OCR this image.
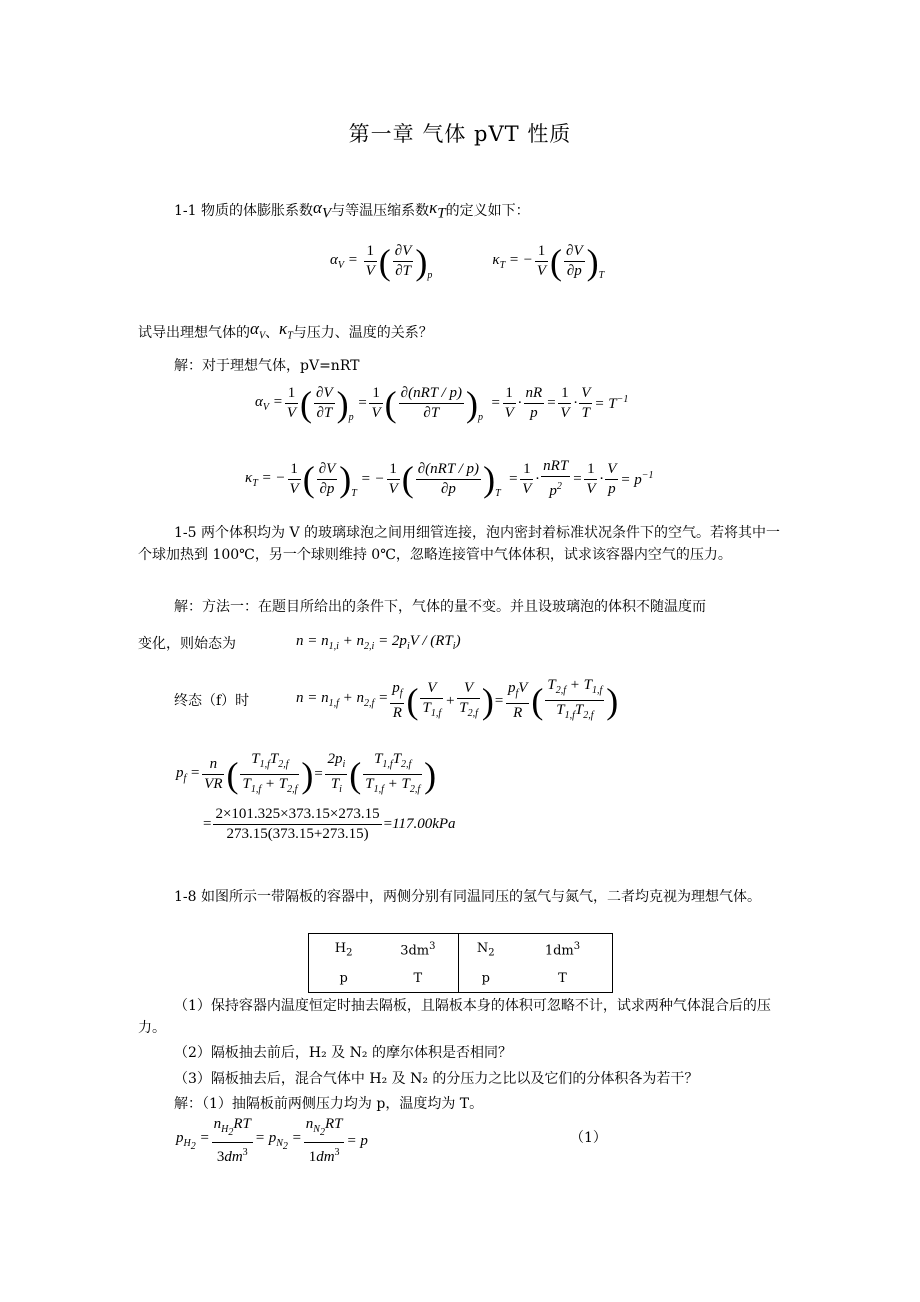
第一章 气体 pVT 性质
1-1 物质的体膨胀系数 $\alpha_V$ 与等温压缩系数 $\kappa_T$ 的定义如下：
$\alpha_V = \frac{1}{V}$ ( ∂V
∂T )$_p$
$\kappa_T$ = − $\frac{1}{V}$ ( ∂V
∂p )$_T$
试导出理想气体的 $\alpha_V$ 、 $\kappa_T$ 与压力、温度的关系？
解：对于理想气体，pV=nRT
$\alpha_V = \frac{1}{V}$ ( ∂V
∂T )$_p$
= $\frac{1}{V}$ ( ∂(nRT / p)
∂T )$_p$
= $\frac{1}{V} \cdot \frac{nR}{p} = \frac{1}{V} \cdot \frac{V}{T} = T^{-1}$
$\kappa_T$ = − $\frac{1}{V}$ ( ∂V
∂p )$_T$
= − $\frac{1}{V}$ ( ∂(nRT / p)
∂p )$_T$
= $\frac{1}{V}$ ·
nRT
$p^2 = \frac{1}{V} \cdot \frac{V}{p} = p^{-1}$
1-5 两个体积均为 V 的玻璃球泡之间用细管连接，泡内密封着标准状况条件下的空气。若将其中一个球加热到 100℃，另一个球则维持 0℃，忽略连接管中气体体积，试求该容器内空气的压力。
解：方法一：在题目所给出的条件下，气体的量不变。并且设玻璃泡的体积不随温度而
变化，则始态为	$n = n_{1,i} + n_{2,i} = 2p_iV / (RT_i)$
终态（f）时	$n = n_{1,f} + n_{2,f} = \frac{p_f}{R}$ ( V
$T_{1,f}$
+ $\frac{V}{T_{2,f}}$ ) =
$p_fV$
R ( $T_{2,f} + T_{1,f}$
$T_{1,f}T_{2,f}$ )
$p_f = \frac{n}{VR}$ ( $T_{1,f}T_{2,f}$
$T_{1,f} + T_{2,f}$ ) = $\frac{2p_i}{T_i}$ ( $T_{1,f}T_{2,f}$
$T_{1,f} + T_{2,f}$ )
= $\frac{2\times 101.325\times 373.15\times 273.15}{273.15(373.15+273.15)} = 117.00kPa$
1-8 如图所示一带隔板的容器中，两侧分别有同温同压的氢气与氮气，二者均克视为理想气体。
$H_2$	$3dm^3$	$N_2$	$1dm^3$
p	T	p	T
（1）保持容器内温度恒定时抽去隔板，且隔板本身的体积可忽略不计，试求两种气体混合后的压力。
（2）隔板抽去前后，H₂ 及 N₂ 的摩尔体积是否相同？
（3）隔板抽去后，混合气体中 H₂ 及 N₂ 的分压力之比以及它们的分体积各为若干？
解：（1）抽隔板前两侧压力均为 p，温度均为 T。
$p_{H_2} = \frac{n_{H_2}RT}{3dm^3} = p_{N_2} = \frac{n_{N_2}RT}{1dm^3} = p$	（1）
